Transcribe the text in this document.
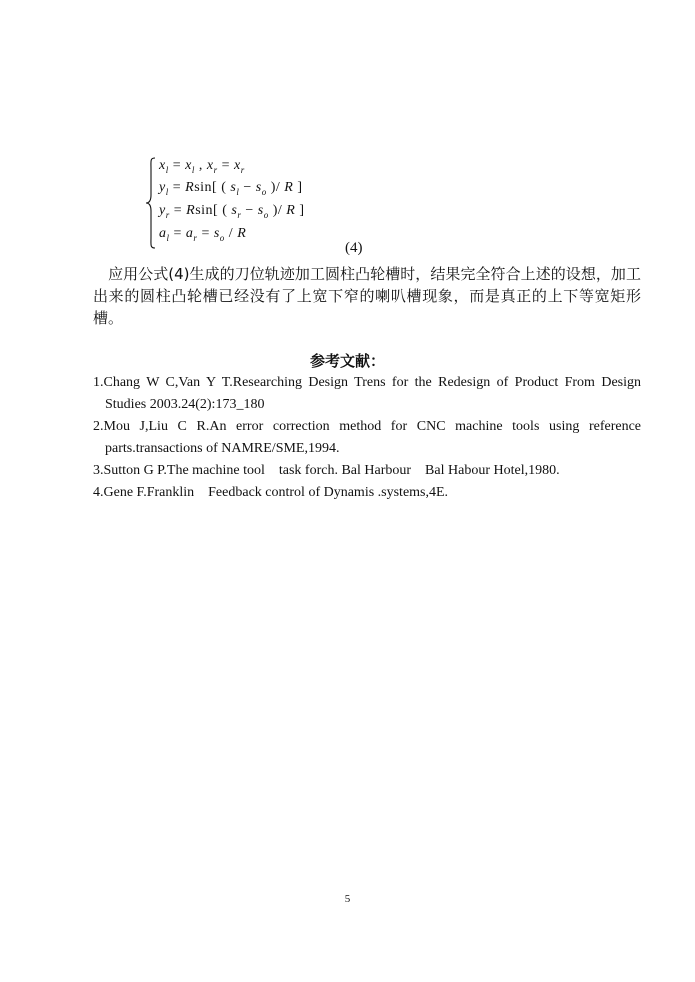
$x_l = x_l$ , $x_r = x_r$
$y_l = Rsin$[ ( $s_l - s_o$ )/ R ]
$y_r = Rsin$[ ( $s_r - s_o$ )/ R ]
$a_l = a_r = s_o / R$
(4)
　应用公式(4)生成的刀位轨迹加工圆柱凸轮槽时，结果完全符合上述的设想，加工出来的圆柱凸轮槽已经没有了上宽下窄的喇叭槽现象，而是真正的上下等宽矩形槽。
参考文献：
1.Chang W C,Van Y T.Researching Design Trens for the Redesign of Product From Design Studies 2003.24(2):173_180
2.Mou J,Liu C R.An error correction method for CNC machine tools using reference parts.transactions of NAMRE/SME,1994.
3.Sutton G P.The machine tool    task forch. Bal Harbour    Bal Habour Hotel,1980.
4.Gene F.Franklin    Feedback control of Dynamis .systems,4E.
5
